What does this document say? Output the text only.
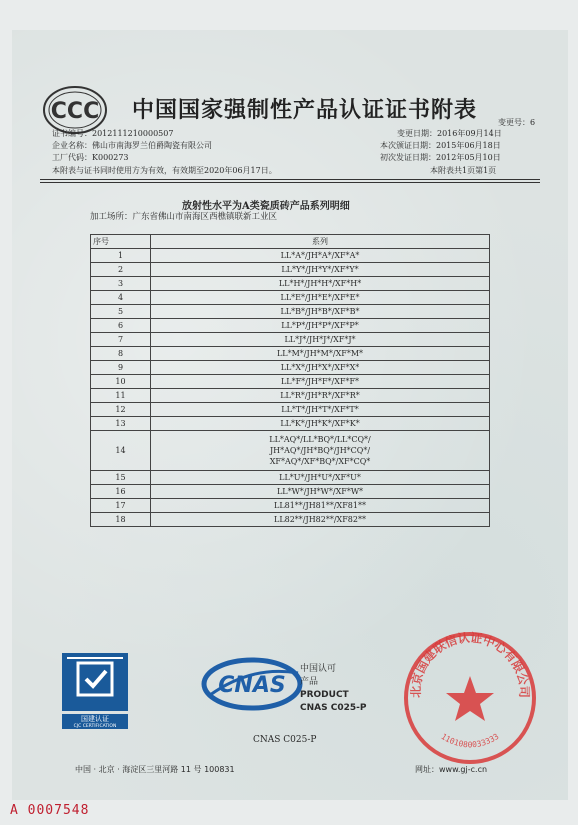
CCC 中国国家强制性产品认证证书附表	变更号：6
证书编号：2012111210000507
企业名称：佛山市南海罗兰伯爵陶瓷有限公司
工厂代码：K000273
变更日期：2016年09月14日
本次颁证日期：2015年06月18日
初次发证日期：2012年05月10日
本附表与证书同时使用方为有效，有效期至2020年06月17日。	本附表共1页第1页
放射性水平为A类瓷质砖产品系列明细
加工场所：广东省佛山市南海区西樵镇联新工业区
序号	系列
1	LL*A*/JH*A*/XF*A*
2	LL*Y*/JH*Y*/XF*Y*
3	LL*H*/JH*H*/XF*H*
4	LL*E*/JH*E*/XF*E*
5	LL*B*/JH*B*/XF*B*
6	LL*P*/JH*P*/XF*P*
7	LL*J*/JH*J*/XF*J*
8	LL*M*/JH*M*/XF*M*
9	LL*X*/JH*X*/XF*X*
10	LL*F*/JH*F*/XF*F*
11	LL*R*/JH*R*/XF*R*
12	LL*T*/JH*T*/XF*T*
13	LL*K*/JH*K*/XF*K*
14	LL*AQ*/LL*BQ*/LL*CQ*/
JH*AQ*/JH*BQ*/JH*CQ*/
XF*AQ*/XF*BQ*/XF*CQ*

15	LL*U*/JH*U*/XF*U*
16	LL*W*/JH*W*/XF*W*
17	LL81**/JH81**/XF81**
18	LL82**/JH82**/XF82**
国建认证
CJC CERTIFICATION
CNAS
中国认可
产品
PRODUCT
CNAS C025-P
CNAS C025-P
北京国建联信认证中心有限公司
1101080033333
中国 · 北京 · 海淀区三里河路 11 号 100831	网址：www.gj-c.cn
A 0007548
